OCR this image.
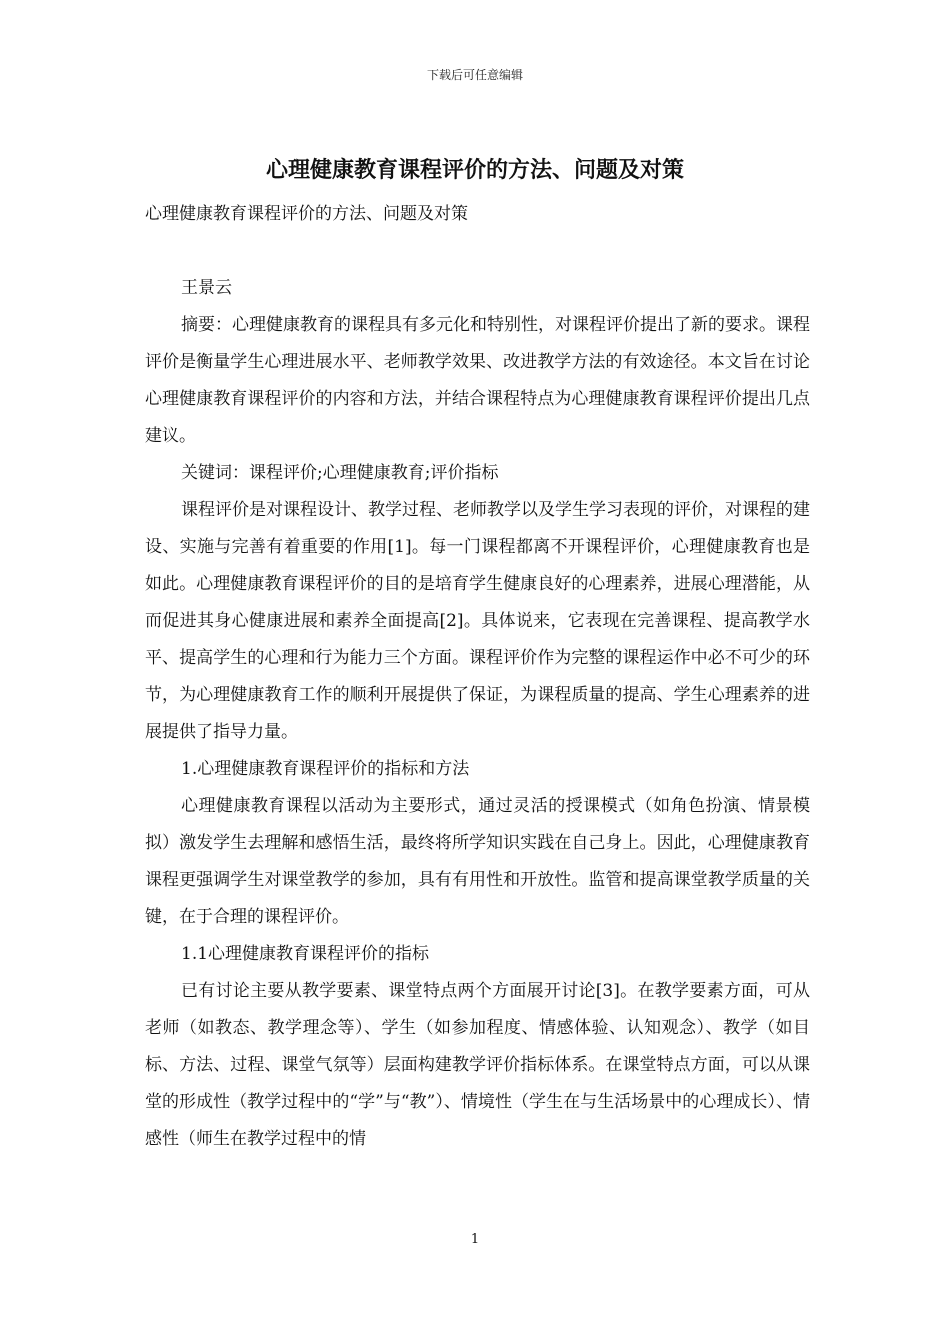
下载后可任意编辑
心理健康教育课程评价的方法、问题及对策

心理健康教育课程评价的方法、问题及对策

王景云

摘要：心理健康教育的课程具有多元化和特别性，对课程评价提出了新的要求。课程评价是衡量学生心理进展水平、老师教学效果、改进教学方法的有效途径。本文旨在讨论心理健康教育课程评价的内容和方法，并结合课程特点为心理健康教育课程评价提出几点建议。

关键词：课程评价;心理健康教育;评价指标

课程评价是对课程设计、教学过程、老师教学以及学生学习表现的评价，对课程的建设、实施与完善有着重要的作用[1]。每一门课程都离不开课程评价，心理健康教育也是如此。心理健康教育课程评价的目的是培育学生健康良好的心理素养，进展心理潜能，从而促进其身心健康进展和素养全面提高[2]。具体说来，它表现在完善课程、提高教学水平、提高学生的心理和行为能力三个方面。课程评价作为完整的课程运作中必不可少的环节，为心理健康教育工作的顺利开展提供了保证，为课程质量的提高、学生心理素养的进展提供了指导力量。

1.心理健康教育课程评价的指标和方法

心理健康教育课程以活动为主要形式，通过灵活的授课模式（如角色扮演、情景模拟）激发学生去理解和感悟生活，最终将所学知识实践在自己身上。因此，心理健康教育课程更强调学生对课堂教学的参加，具有有用性和开放性。监管和提高课堂教学质量的关键，在于合理的课程评价。

1.1心理健康教育课程评价的指标

已有讨论主要从教学要素、课堂特点两个方面展开讨论[3]。在教学要素方面，可从老师（如教态、教学理念等）、学生（如参加程度、情感体验、认知观念）、教学（如目标、方法、过程、课堂气氛等）层面构建教学评价指标体系。在课堂特点方面，可以从课堂的形成性（教学过程中的“学”与“教”）、情境性（学生在与生活场景中的心理成长）、情感性（师生在教学过程中的情

1
